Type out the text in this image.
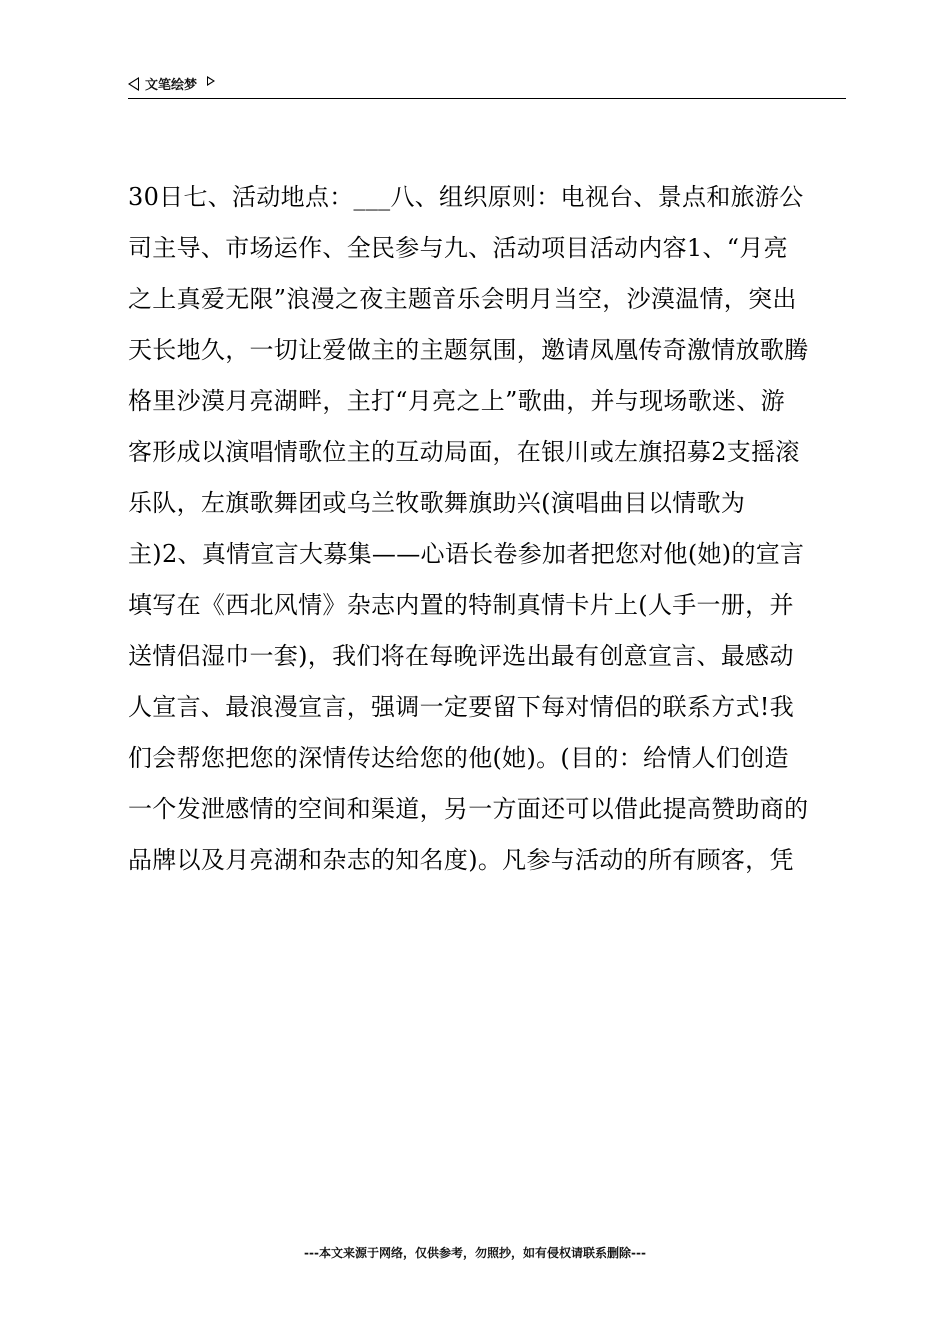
文笔绘梦
30日七、活动地点：___八、组织原则：电视台、景点和旅游公
司主导、市场运作、全民参与九、活动项目活动内容1、“月亮
之上真爱无限”浪漫之夜主题音乐会明月当空，沙漠温情，突出
天长地久，一切让爱做主的主题氛围，邀请凤凰传奇激情放歌腾
格里沙漠月亮湖畔，主打“月亮之上”歌曲，并与现场歌迷、游
客形成以演唱情歌位主的互动局面，在银川或左旗招募2支摇滚
乐队，左旗歌舞团或乌兰牧歌舞旗助兴(演唱曲目以情歌为
主)2、真情宣言大募集——心语长卷参加者把您对他(她)的宣言
填写在《西北风情》杂志内置的特制真情卡片上(人手一册，并
送情侣湿巾一套)，我们将在每晚评选出最有创意宣言、最感动
人宣言、最浪漫宣言，强调一定要留下每对情侣的联系方式!我
们会帮您把您的深情传达给您的他(她)。(目的：给情人们创造
一个发泄感情的空间和渠道，另一方面还可以借此提高赞助商的
品牌以及月亮湖和杂志的知名度)。凡参与活动的所有顾客，凭
---本文来源于网络，仅供参考，勿照抄，如有侵权请联系删除---
